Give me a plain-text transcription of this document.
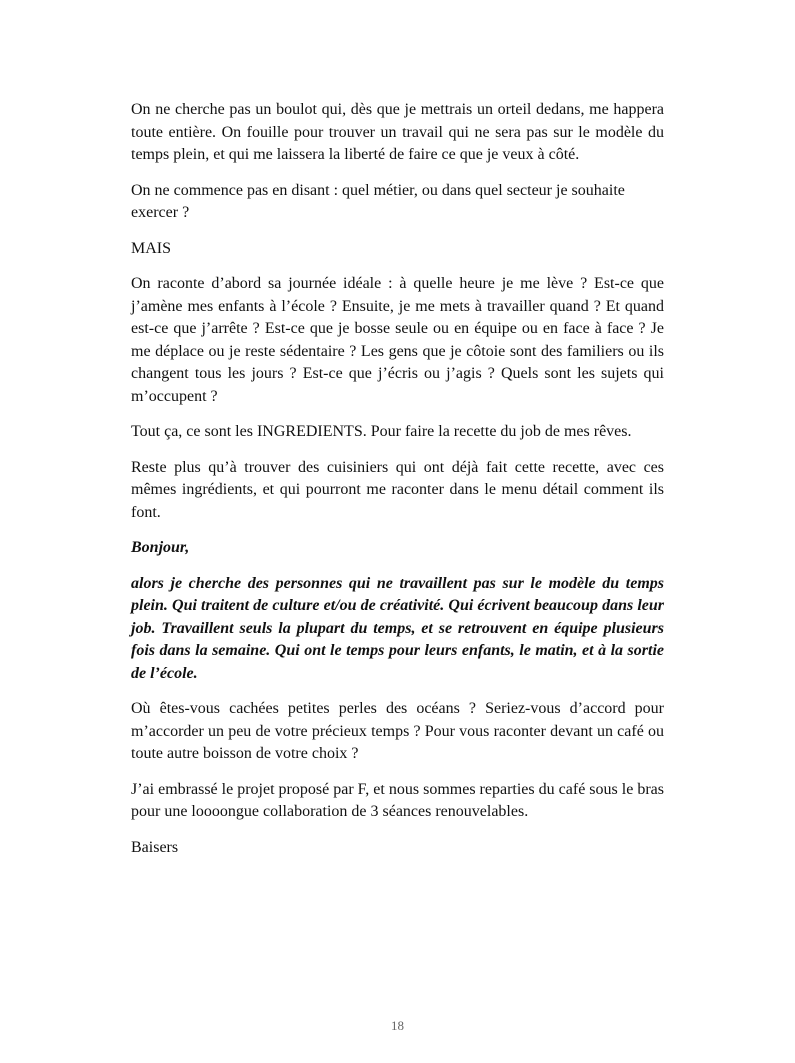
On ne cherche pas un boulot qui, dès que je mettrais un orteil dedans, me happera toute entière. On fouille pour trouver un travail qui ne sera pas sur le modèle du temps plein, et qui me laissera la liberté de faire ce que je veux à côté.

On ne commence pas en disant : quel métier, ou dans quel secteur je souhaite exercer ?

MAIS

On raconte d’abord sa journée idéale : à quelle heure je me lève ? Est-ce que j’amène mes enfants à l’école ? Ensuite, je me mets à travailler quand ? Et quand est-ce que j’arrête ? Est-ce que je bosse seule ou en équipe ou en face à face ? Je me déplace ou je reste sédentaire ? Les gens que je côtoie sont des familiers ou ils changent tous les jours ? Est-ce que j’écris ou j’agis ? Quels sont les sujets qui m’occupent ?

Tout ça, ce sont les INGREDIENTS. Pour faire la recette du job de mes rêves.

Reste plus qu’à trouver des cuisiniers qui ont déjà fait cette recette, avec ces mêmes ingrédients, et qui pourront me raconter dans le menu détail comment ils font.

Bonjour,

alors je cherche des personnes qui ne travaillent pas sur le modèle du temps plein. Qui traitent de culture et/ou de créativité. Qui écrivent beaucoup dans leur job. Travaillent seuls la plupart du temps, et se retrouvent en équipe plusieurs fois dans la semaine. Qui ont le temps pour leurs enfants, le matin, et à la sortie de l’école.

Où êtes-vous cachées petites perles des océans ? Seriez-vous d’accord pour m’accorder un peu de votre précieux temps ? Pour vous raconter devant un café ou toute autre boisson de votre choix ?

J’ai embrassé le projet proposé par F, et nous sommes reparties du café sous le bras pour une loooongue collaboration de 3 séances renouvelables.

Baisers

18
